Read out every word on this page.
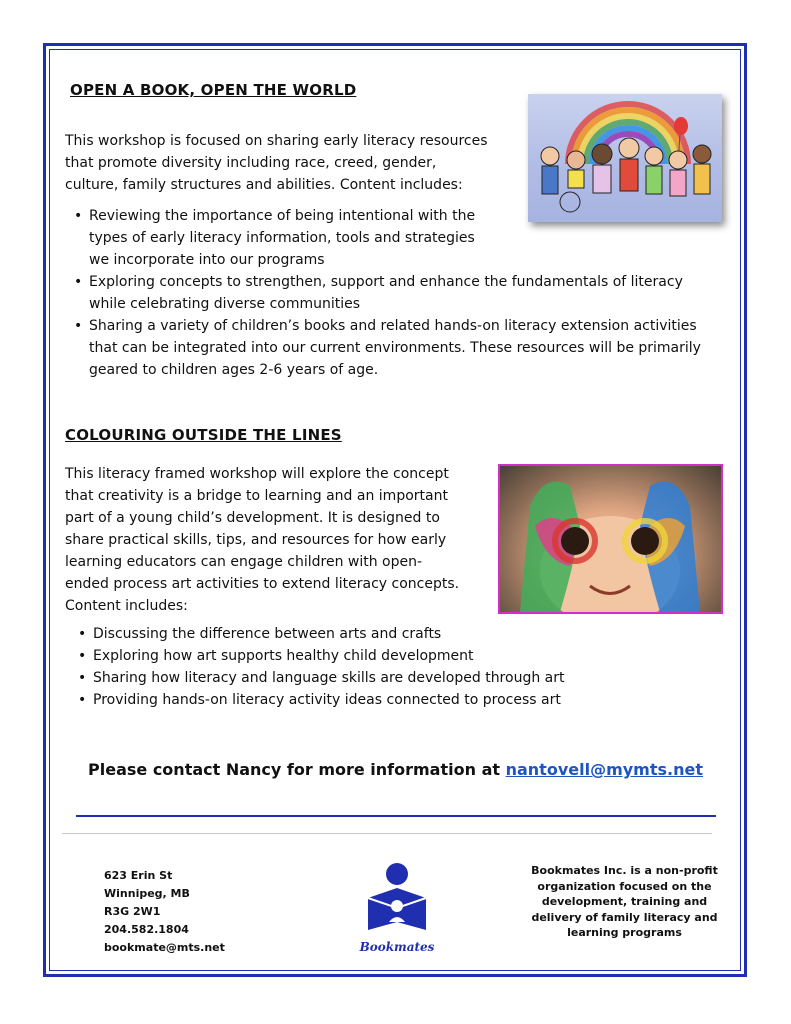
OPEN A BOOK, OPEN THE WORLD
This workshop is focused on sharing early literacy resources
that promote diversity including race, creed, gender,
culture, family structures and abilities. Content includes:
• Reviewing the importance of being intentional with the
types of early literacy information, tools and strategies
we incorporate into our programs
• Exploring concepts to strengthen, support and enhance the fundamentals of literacy
while celebrating diverse communities
• Sharing a variety of children’s books and related hands-on literacy extension activities
that can be integrated into our current environments. These resources will be primarily
geared to children ages 2-6 years of age.
COLOURING OUTSIDE THE LINES
This literacy framed workshop will explore the concept
that creativity is a bridge to learning and an important
part of a young child’s development. It is designed to
share practical skills, tips, and resources for how early
learning educators can engage children with open-
ended process art activities to extend literacy concepts.
Content includes:
• Discussing the difference between arts and crafts
• Exploring how art supports healthy child development
• Sharing how literacy and language skills are developed through art
• Providing hands-on literacy activity ideas connected to process art
Please contact Nancy for more information at nantovell@mymts.net
623 Erin St
Winnipeg, MB
R3G 2W1
204.582.1804
bookmate@mts.net	Bookmates
Bookmates Inc. is a non-profit organization focused on the development, training and delivery of family literacy and learning programs
